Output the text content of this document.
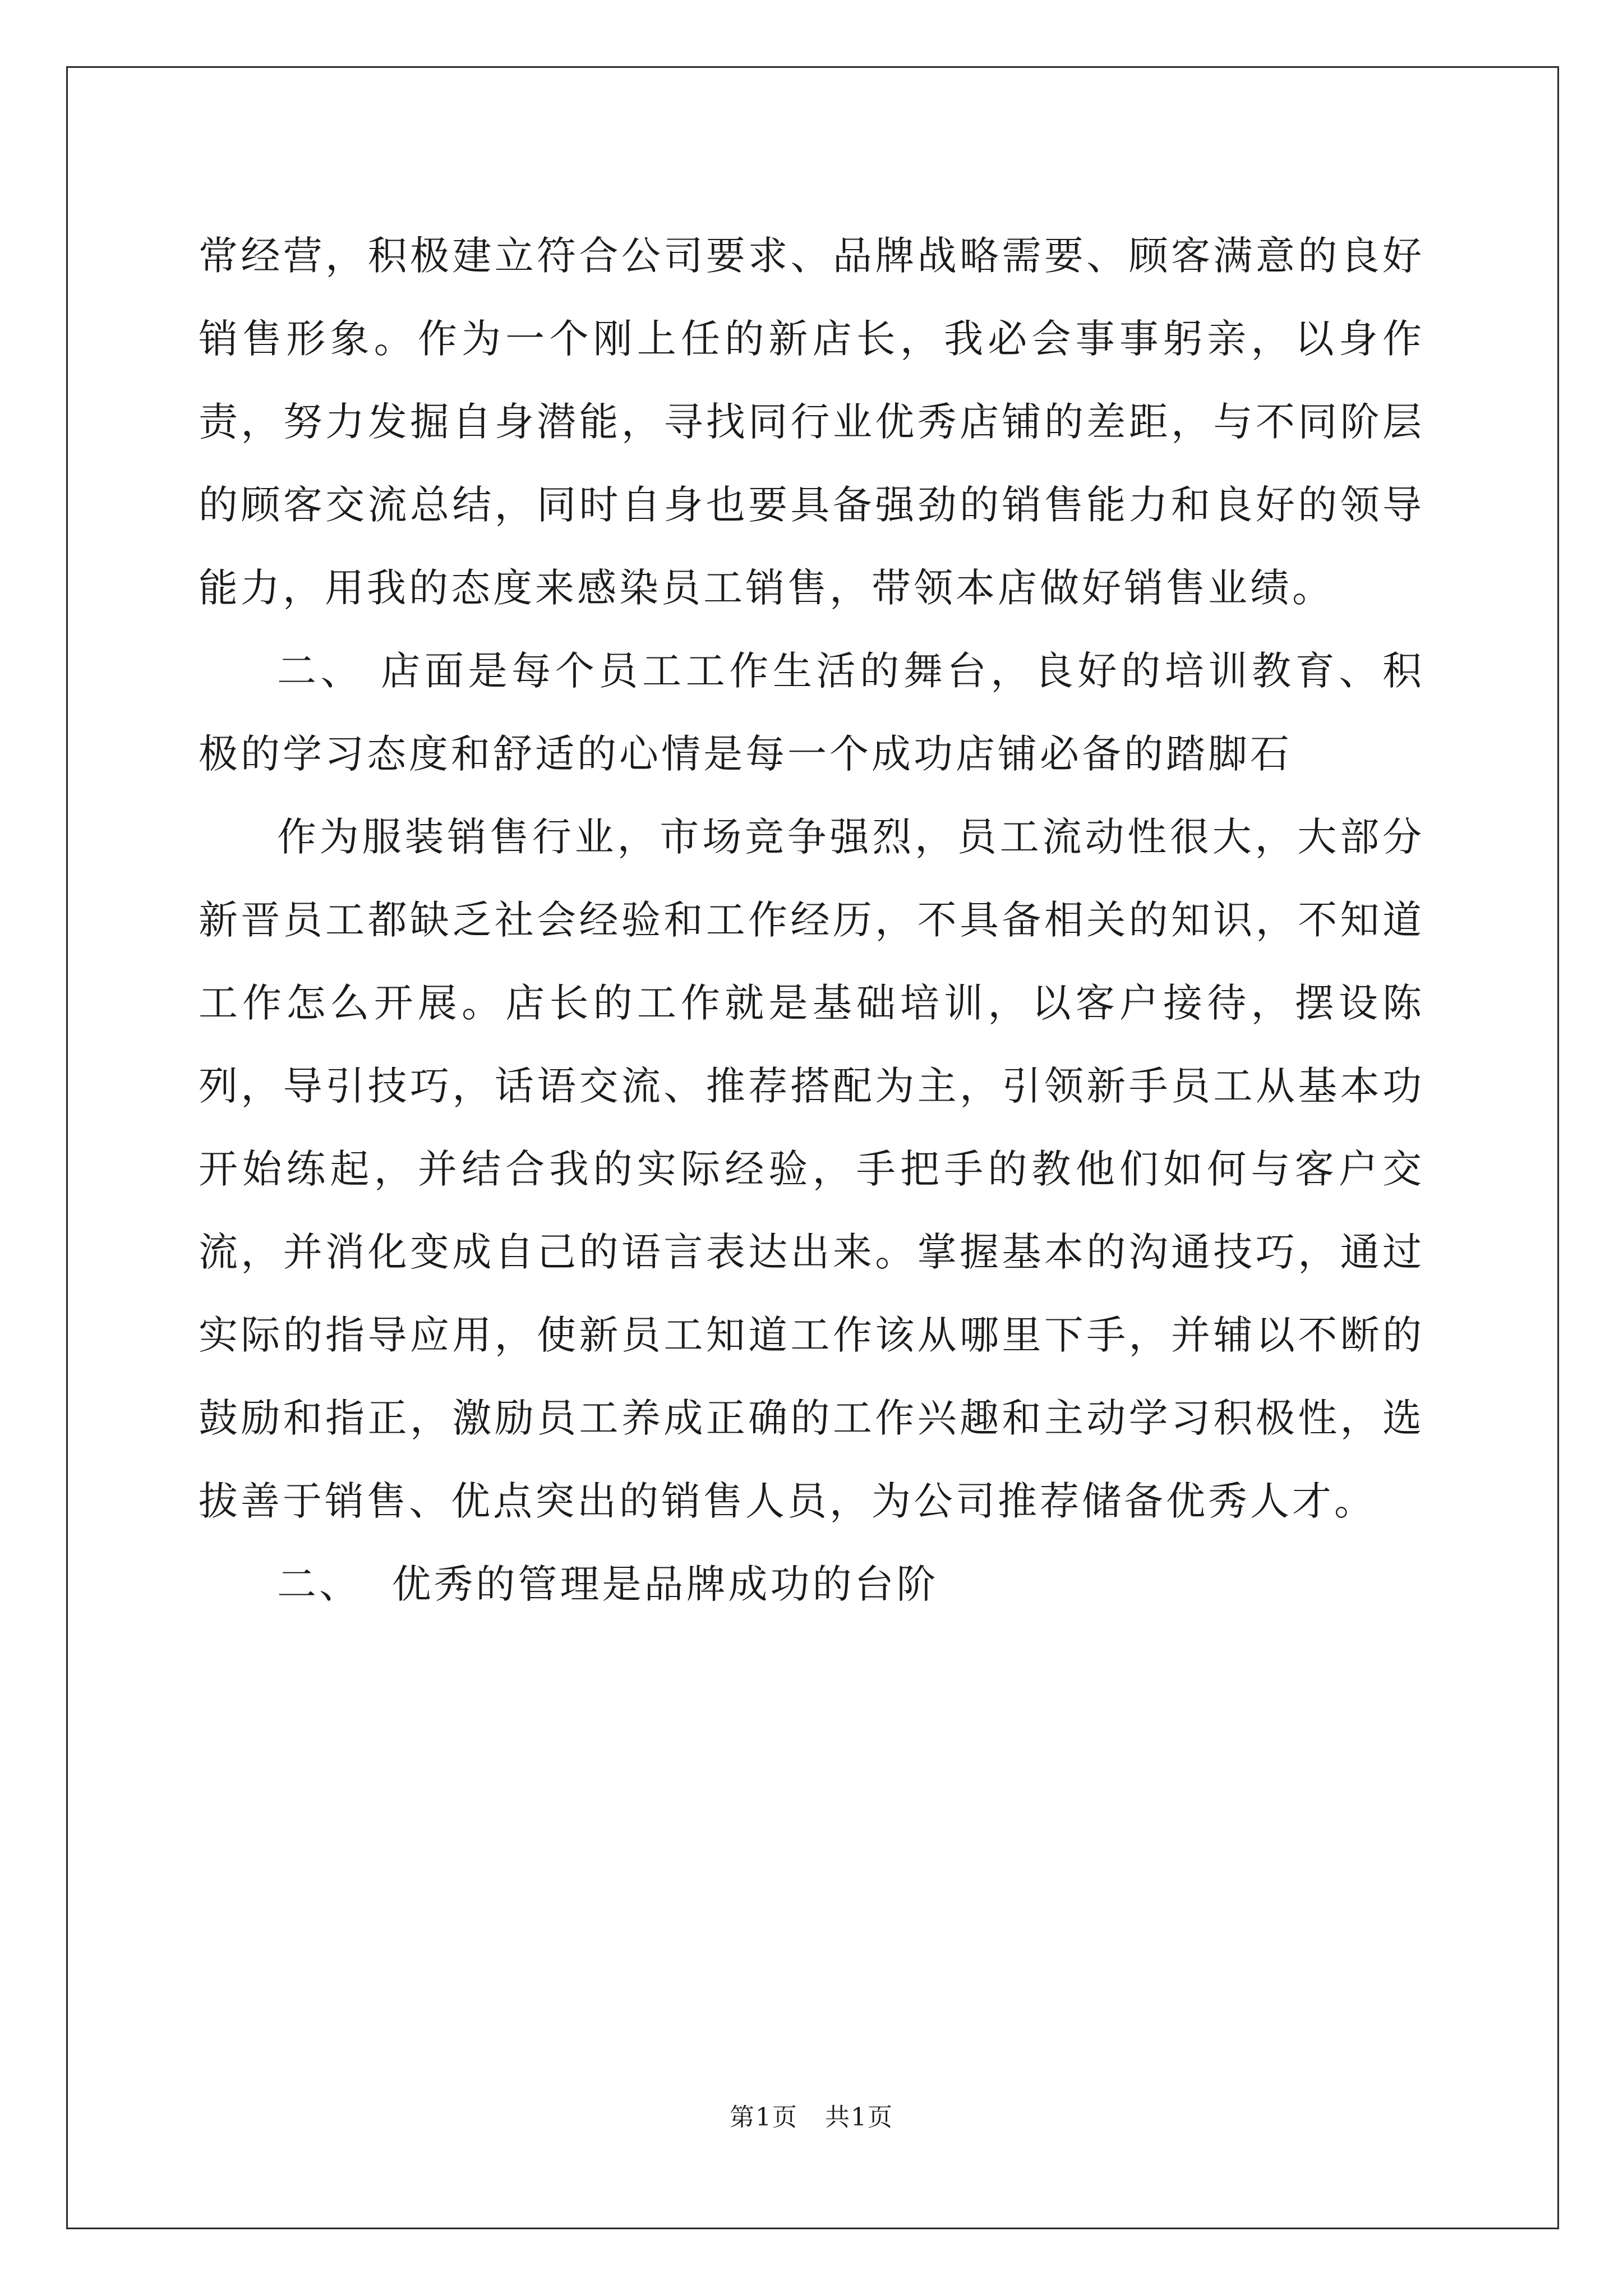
常经营，积极建立符合公司要求、品牌战略需要、顾客满意的良好销售形象。作为一个刚上任的新店长，我必会事事躬亲，以身作责，努力发掘自身潜能，寻找同行业优秀店铺的差距，与不同阶层的顾客交流总结，同时自身也要具备强劲的销售能力和良好的领导能力，用我的态度来感染员工销售，带领本店做好销售业绩。

二、 店面是每个员工工作生活的舞台，良好的培训教育、积极的学习态度和舒适的心情是每一个成功店铺必备的踏脚石

作为服装销售行业，市场竞争强烈，员工流动性很大，大部分新晋员工都缺乏社会经验和工作经历，不具备相关的知识，不知道工作怎么开展。店长的工作就是基础培训，以客户接待，摆设陈列，导引技巧，话语交流、推荐搭配为主，引领新手员工从基本功开始练起，并结合我的实际经验，手把手的教他们如何与客户交流，并消化变成自己的语言表达出来。掌握基本的沟通技巧，通过实际的指导应用，使新员工知道工作该从哪里下手，并辅以不断的鼓励和指正，激励员工养成正确的工作兴趣和主动学习积极性，选拔善于销售、优点突出的销售人员，为公司推荐储备优秀人才。

二、  优秀的管理是品牌成功的台阶

第1页   共1页
